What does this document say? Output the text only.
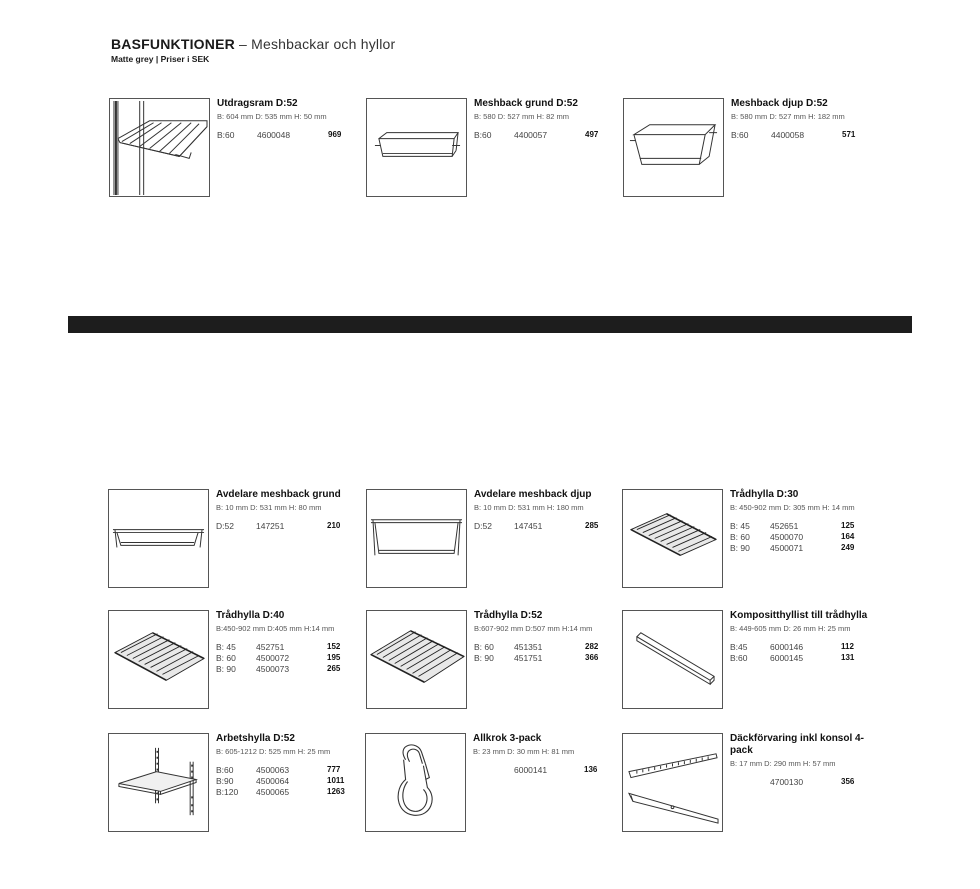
BASFUNKTIONER – Meshbackar och hyllor
Matte grey | Priser i SEK
Utdragsram D:52
B: 604 mm D: 535 mm H: 50 mm
B:60	4600048	969
Meshback grund D:52
B: 580 D: 527 mm H: 82 mm
B:60	4400057	497
Meshback djup D:52
B: 580 mm D: 527 mm H: 182 mm
B:60	4400058	571
Avdelare meshback grund
B: 10 mm D: 531 mm H: 80 mm
D:52	147251	210
Avdelare meshback djup
B: 10 mm D: 531 mm H: 180 mm
D:52	147451	285
Trådhylla D:30
B: 450-902 mm D: 305 mm H: 14 mm
B: 45 452651	125
B: 60 4500070	164
B: 90 4500071	249
Trådhylla D:40
B:450-902 mm D:405 mm H:14 mm
B: 45 452751	152
B: 60 4500072	195
B: 90 4500073	265
Trådhylla D:52
B:607-902 mm D:507 mm H:14 mm
B: 60 451351	282
B: 90 451751	366
Kompositthyllist till trådhylla
B: 449-605 mm D: 26 mm H: 25 mm
B:45	6000146	112
B:60	6000145	131
Arbetshylla D:52
B: 605-1212 D: 525 mm H: 25 mm
B:60	4500063	777
B:90	4500064	1011
B:120 4500065	1263
Allkrok 3-pack
B: 23 mm D: 30 mm H: 81 mm
6000141	136
Däckförvaring inkl konsol 4-pack
B: 17 mm D: 290 mm H: 57 mm
4700130	356
